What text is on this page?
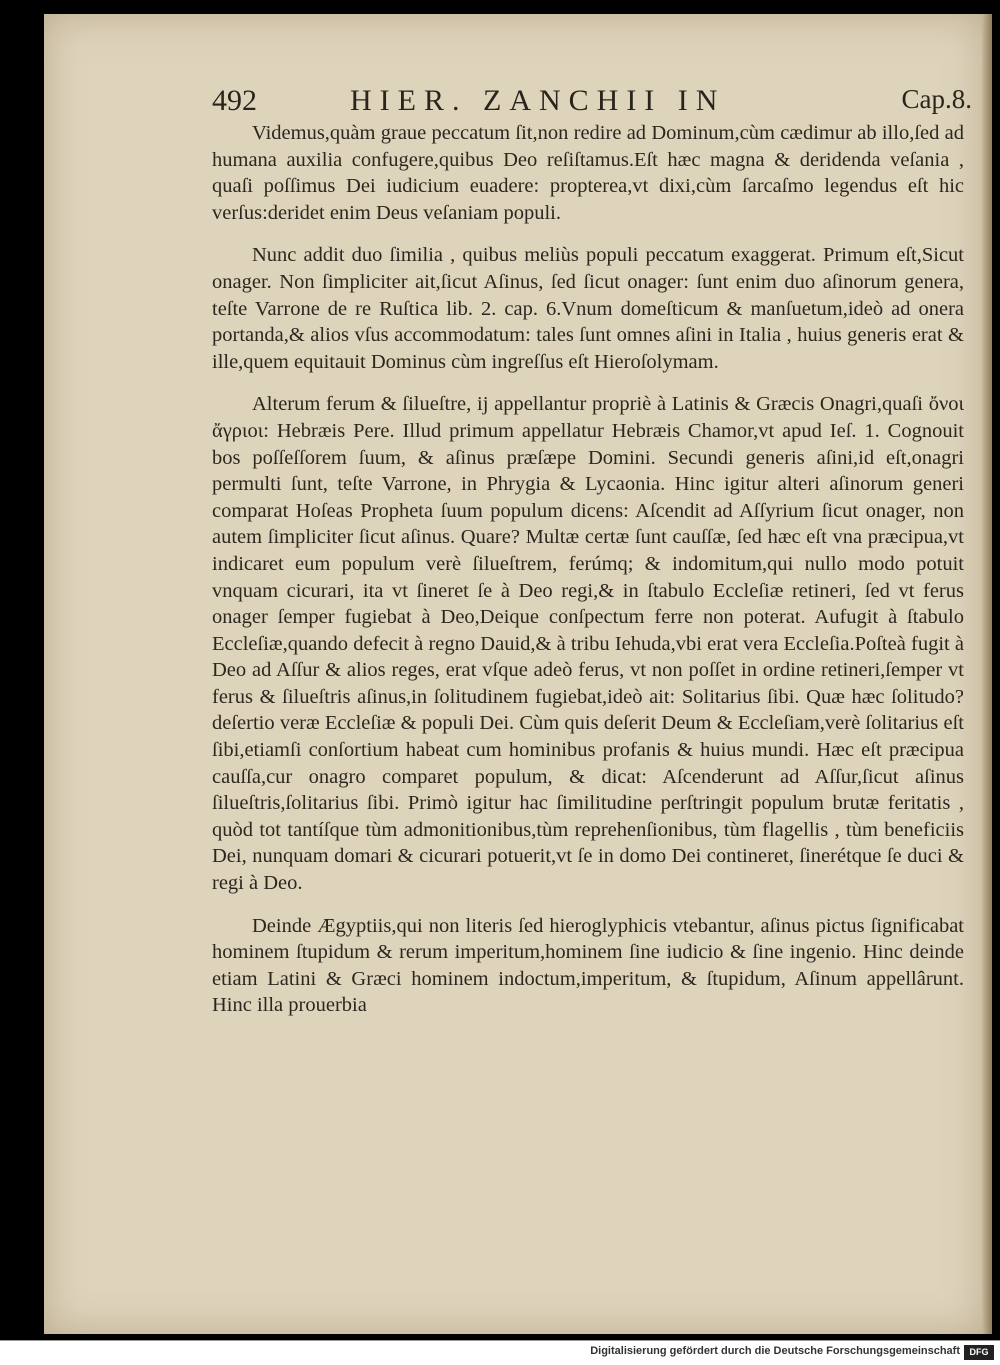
492	HIER. ZANCHII IN	Cap.8.

Videmus,quàm graue peccatum ſit,non redire ad Dominum,cùm cædimur ab illo,ſed ad humana auxilia confugere,quibus Deo reſiſtamus.Eſt hæc magna & deridenda veſania , quaſi poſſimus Dei iudicium euadere: propterea,vt dixi,cùm ſarcaſmo legendus eſt hic verſus:deridet enim Deus veſaniam populi.

Nunc addit duo ſimilia , quibus meliùs populi peccatum exaggerat. Primum eſt,Sicut onager. Non ſimpliciter ait,ſicut Aſinus, ſed ſicut onager: ſunt enim duo aſinorum genera, teſte Varrone de re Ruſtica lib. 2. cap. 6.Vnum domeſticum & manſuetum,ideò ad onera portanda,& alios vſus accommodatum: tales ſunt omnes aſini in Italia , huius generis erat & ille,quem equitauit Dominus cùm ingreſſus eſt Hieroſolymam.

Alterum ferum & ſilueſtre, ij appellantur propriè à Latinis & Græcis Onagri,quaſi ὄνοι ἄγριοι: Hebræis Pere. Illud primum appellatur Hebræis Chamor,vt apud Ieſ. 1. Cognouit bos poſſeſſorem ſuum, & aſinus præſæpe Domini. Secundi generis aſini,id eſt,onagri permulti ſunt, teſte Varrone, in Phrygia & Lycaonia. Hinc igitur alteri aſinorum generi comparat Hoſeas Propheta ſuum populum dicens: Aſcendit ad Aſſyrium ſicut onager, non autem ſimpliciter ſicut aſinus. Quare? Multæ certæ ſunt cauſſæ, ſed hæc eſt vna præcipua,vt indicaret eum populum verè ſilueſtrem, ferúmq; & indomitum,qui nullo modo potuit vnquam cicurari, ita vt ſineret ſe à Deo regi,& in ſtabulo Eccleſiæ retineri, ſed vt ferus onager ſemper fugiebat à Deo,Deique conſpectum ferre non poterat. Aufugit à ſtabulo Eccleſiæ,quando defecit à regno Dauid,& à tribu Iehuda,vbi erat vera Eccleſia.Poſteà fugit à Deo ad Aſſur & alios reges, erat vſque adeò ferus, vt non poſſet in ordine retineri,ſemper vt ferus & ſilueſtris aſinus,in ſolitudinem fugiebat,ideò ait: Solitarius ſibi. Quæ hæc ſolitudo? deſertio veræ Eccleſiæ & populi Dei. Cùm quis deſerit Deum & Eccleſiam,verè ſolitarius eſt ſibi,etiamſi conſortium habeat cum hominibus profanis & huius mundi. Hæc eſt præcipua cauſſa,cur onagro comparet populum, & dicat: Aſcenderunt ad Aſſur,ſicut aſinus ſilueſtris,ſolitarius ſibi. Primò igitur hac ſimilitudine perſtringit populum brutæ feritatis , quòd tot tantíſque tùm admonitionibus,tùm reprehenſionibus, tùm flagellis , tùm beneficiis Dei, nunquam domari & cicurari potuerit,vt ſe in domo Dei contineret, ſinerétque ſe duci & regi à Deo.

Deinde Ægyptiis,qui non literis ſed hieroglyphicis vtebantur, aſinus pictus ſignificabat hominem ſtupidum & rerum imperitum,hominem ſine iudicio & ſine ingenio. Hinc deinde etiam Latini & Græci hominem indoctum,imperitum, & ſtupidum, Aſinum appellârunt. Hinc illa prouerbia

Digitalisierung gefördert durch die Deutsche Forschungsgemeinschaft	DFG
